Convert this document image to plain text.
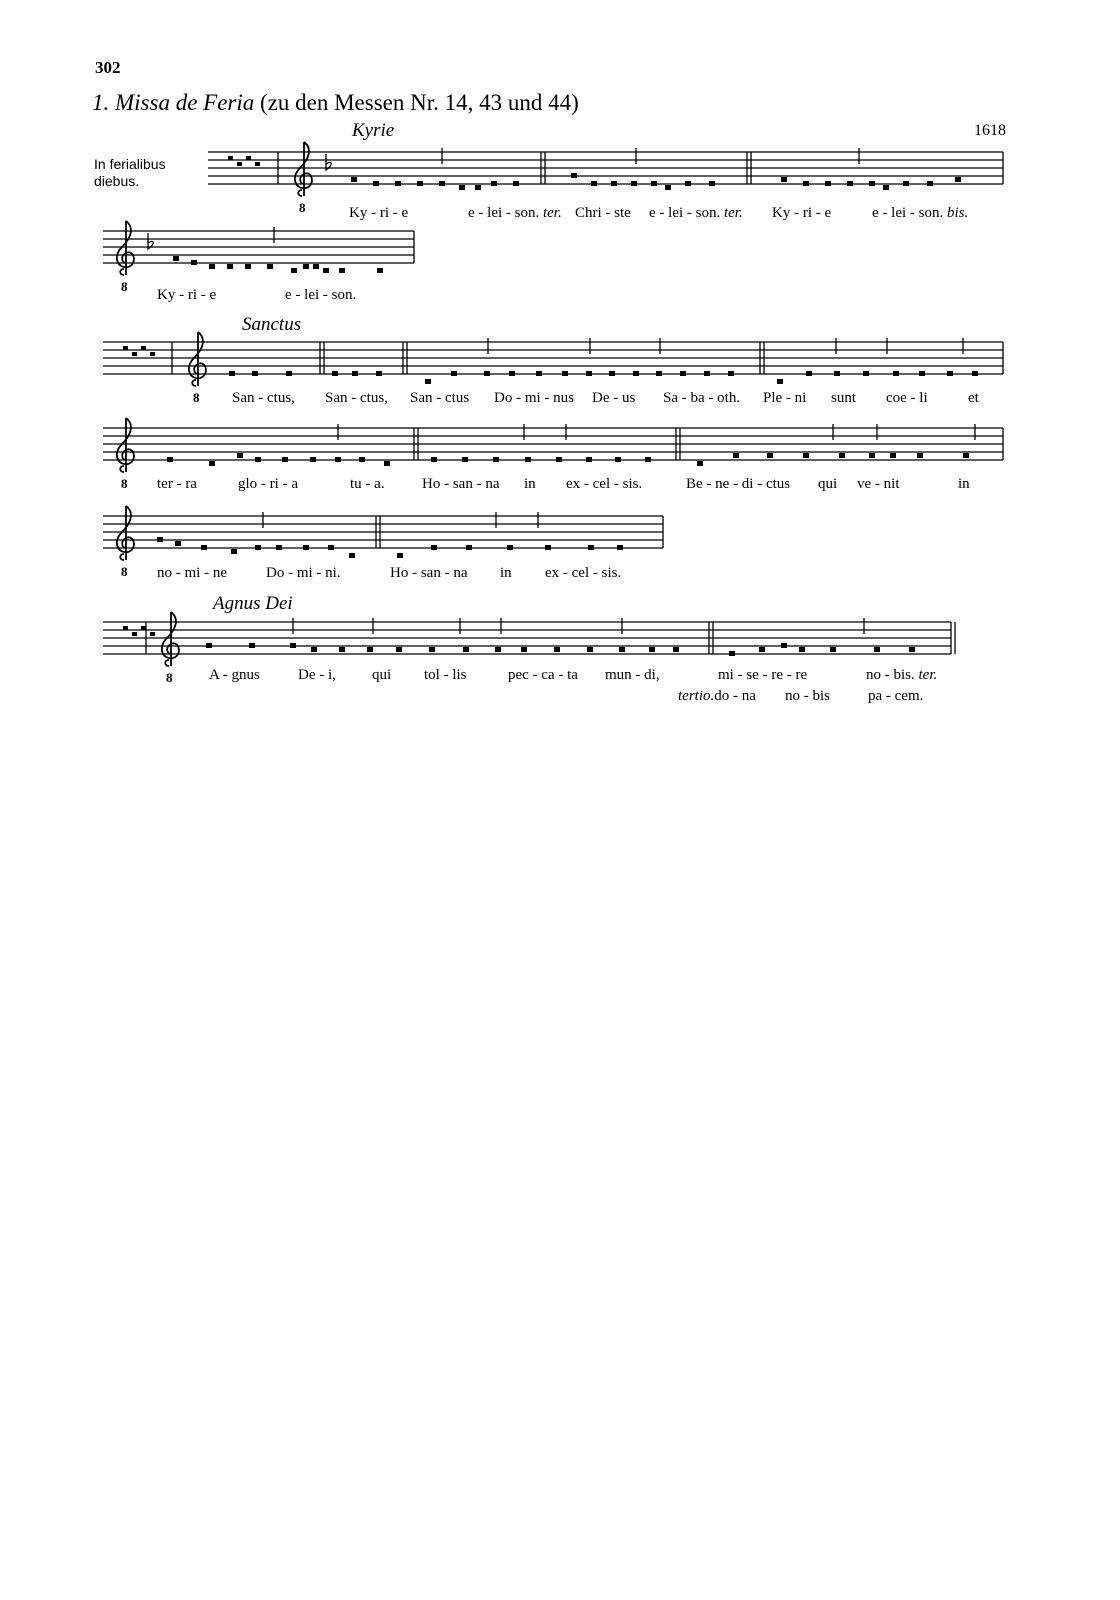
302
1. Missa de Feria (zu den Messen Nr. 14, 43 und 44)
1618
In ferialibus
diebus.
Kyrie
Sanctus
Agnus Dei
8
8
8
8
8
8
Ky - ri - e	e - lei - son. ter. Chri - ste e - lei - son. ter. Ky - ri - e	e - lei - son. bis.
Ky - ri - e	e - lei - son.
San - ctus, San - ctus, San - ctus Do - mi - nus De - us Sa - ba - oth. Ple - ni sunt coe - li	et
ter - ra	glo - ri - a	tu - a. Ho - san - na in ex - cel - sis.	Be - ne - di - ctus qui ve - nit	in
no - mi - ne	Do - mi - ni.	Ho - san - na in ex - cel - sis.
A - gnus	De - i, qui tol - lis	pec - ca - ta mun - di,	mi - se - re - re	no - bis. ter.
tertio.do - na no - bis	pa - cem.
